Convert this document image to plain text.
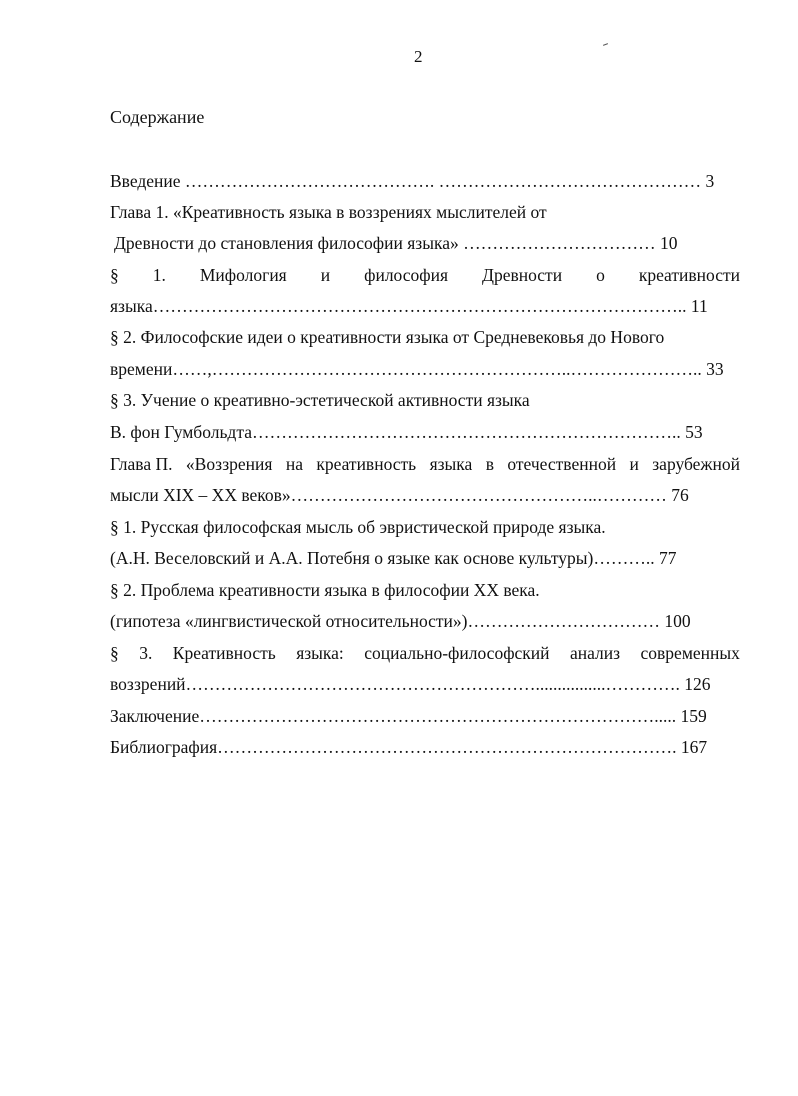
2
Содержание
Введение ……………………………………. ……………………………………… 3
Глава 1. «Креативность языка в воззрениях мыслителей от
Древности до становления философии языка» …………………………… 10
§ 1. Мифология и философия Древности о креативности
языка……………………………………………………………………………….. 11
§ 2. Философские идеи о креативности языка от Средневековья до Нового
времени……,……………………………………………………..………………….. 33
§ 3. Учение о креативно-эстетической активности языка
В. фон Гумбольдта……………………………………………………………….. 53
Глава П. «Воззрения на креативность языка в отечественной и зарубежной
мысли XIX – XX веков»……………………………………………..………… 76
§ 1. Русская философская мысль об эвристической природе языка.
(А.Н. Веселовский и А.А. Потебня о языке как основе культуры)……….. 77
§ 2. Проблема креативности языка в философии XX века.
(гипотеза «лингвистической относительности»)…………………………… 100
§ 3. Креативность языка: социально-философский анализ современных
воззрений……………………………………………………................…………. 126
Заключение……………………………………………………………………..... 159
Библиография……………………………………………………………………. 167
